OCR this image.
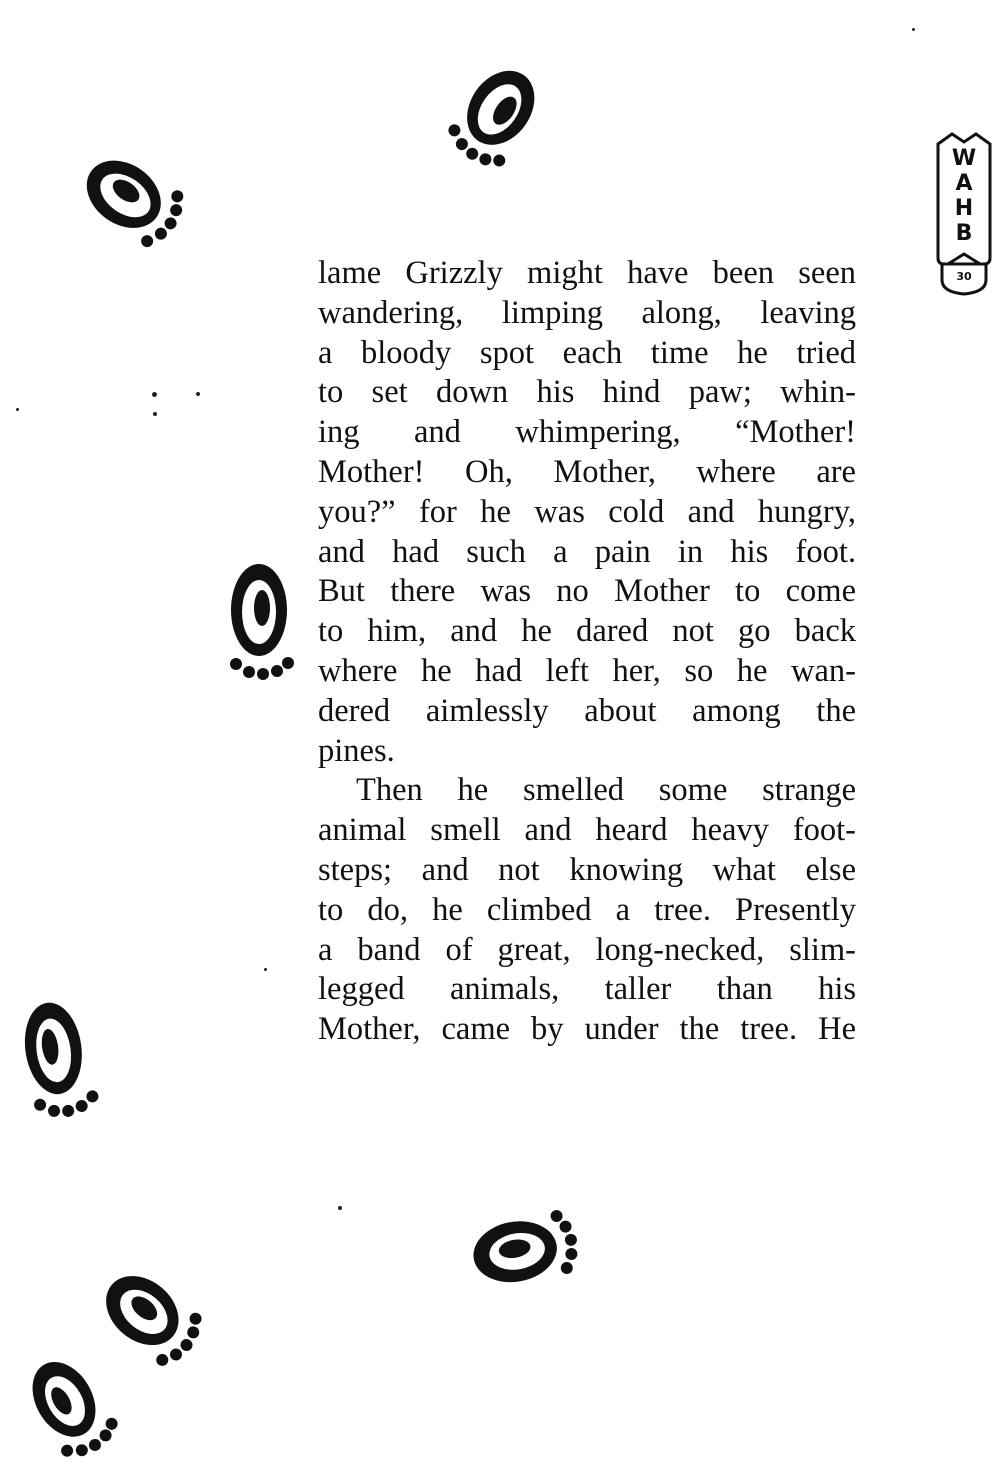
W
A
H
B
30
lame Grizzly might have been seen
wandering, limping along, leaving
a bloody spot each time he tried
to set down his hind paw; whin-
ing and whimpering, “Mother!
Mother! Oh, Mother, where are
you?” for he was cold and hungry,
and had such a pain in his foot.
But there was no Mother to come
to him, and he dared not go back
where he had left her, so he wan-
dered aimlessly about among the
pines.
Then he smelled some strange
animal smell and heard heavy foot-
steps; and not knowing what else
to do, he climbed a tree. Presently
a band of great, long-necked, slim-
legged animals, taller than his
Mother, came by under the tree. He
